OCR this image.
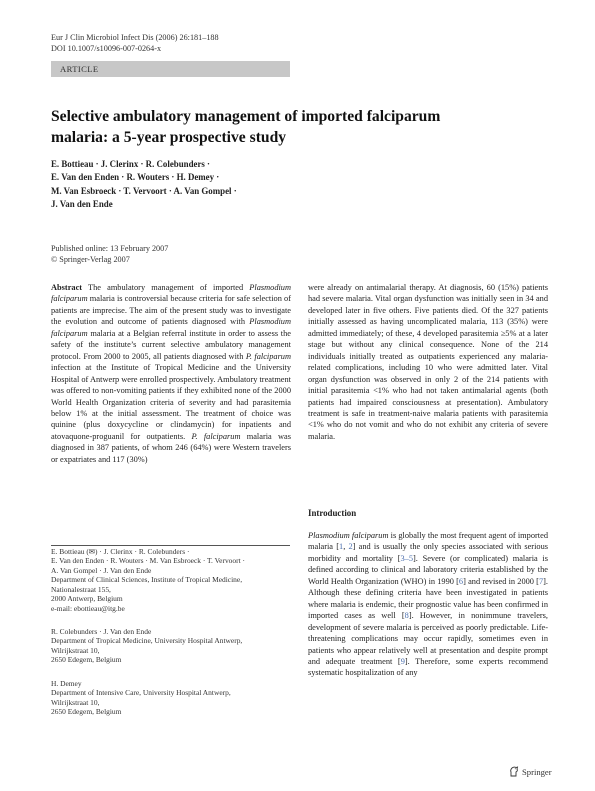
Eur J Clin Microbiol Infect Dis (2006) 26:181–188
DOI 10.1007/s10096-007-0264-x
ARTICLE
Selective ambulatory management of imported falciparum
malaria: a 5-year prospective study
E. Bottieau · J. Clerinx · R. Colebunders ·
E. Van den Enden · R. Wouters · H. Demey ·
M. Van Esbroeck · T. Vervoort · A. Van Gompel ·
J. Van den Ende
Published online: 13 February 2007
© Springer-Verlag 2007
Abstract The ambulatory management of imported Plasmodium falciparum malaria is controversial because criteria for safe selection of patients are imprecise. The aim of the present study was to investigate the evolution and outcome of patients diagnosed with Plasmodium falciparum malaria at a Belgian referral institute in order to assess the safety of the institute’s current selective ambulatory management protocol. From 2000 to 2005, all patients diagnosed with P. falciparum infection at the Institute of Tropical Medicine and the University Hospital of Antwerp were enrolled prospectively. Ambulatory treatment was offered to non-vomiting patients if they exhibited none of the 2000 World Health Organization criteria of severity and had parasitemia below 1% at the initial assessment. The treatment of choice was quinine (plus doxycycline or clindamycin) for inpatients and atovaquone-proguanil for outpatients. P. falciparum malaria was diagnosed in 387 patients, of whom 246 (64%) were Western travelers or expatriates and 117 (30%)
were already on antimalarial therapy. At diagnosis, 60 (15%) patients had severe malaria. Vital organ dysfunction was initially seen in 34 and developed later in five others. Five patients died. Of the 327 patients initially assessed as having uncomplicated malaria, 113 (35%) were admitted immediately; of these, 4 developed parasitemia ≥5% at a later stage but without any clinical consequence. None of the 214 individuals initially treated as outpatients experienced any malaria-related complications, including 10 who were admitted later. Vital organ dysfunction was observed in only 2 of the 214 patients with initial parasitemia <1% who had not taken antimalarial agents (both patients had impaired consciousness at presentation). Ambulatory treatment is safe in treatment-naive malaria patients with parasitemia <1% who do not vomit and who do not exhibit any criteria of severe malaria.
Introduction
Plasmodium falciparum is globally the most frequent agent of imported malaria [1, 2] and is usually the only species associated with serious morbidity and mortality [3–5]. Severe (or complicated) malaria is defined according to clinical and laboratory criteria established by the World Health Organization (WHO) in 1990 [6] and revised in 2000 [7]. Although these defining criteria have been investigated in patients where malaria is endemic, their prognostic value has been confirmed in imported cases as well [8]. However, in nonimmune travelers, development of severe malaria is perceived as poorly predictable. Life-threatening complications may occur rapidly, sometimes even in patients who appear relatively well at presentation and despite prompt and adequate treatment [9]. Therefore, some experts recommend systematic hospitalization of any

E. Bottieau (✉) · J. Clerinx · R. Colebunders ·

E. Van den Enden · R. Wouters · M. Van Esbroeck · T. Vervoort ·

A. Van Gompel · J. Van den Ende

Department of Clinical Sciences, Institute of Tropical Medicine,

Nationalestraat 155,

2000 Antwerp, Belgium

e-mail: ebottieau@itg.be

R. Colebunders · J. Van den Ende

Department of Tropical Medicine, University Hospital Antwerp,

Wilrijkstraat 10,

2650 Edegem, Belgium

H. Demey

Department of Intensive Care, University Hospital Antwerp,

Wilrijkstraat 10,

2650 Edegem, Belgium

Springer
